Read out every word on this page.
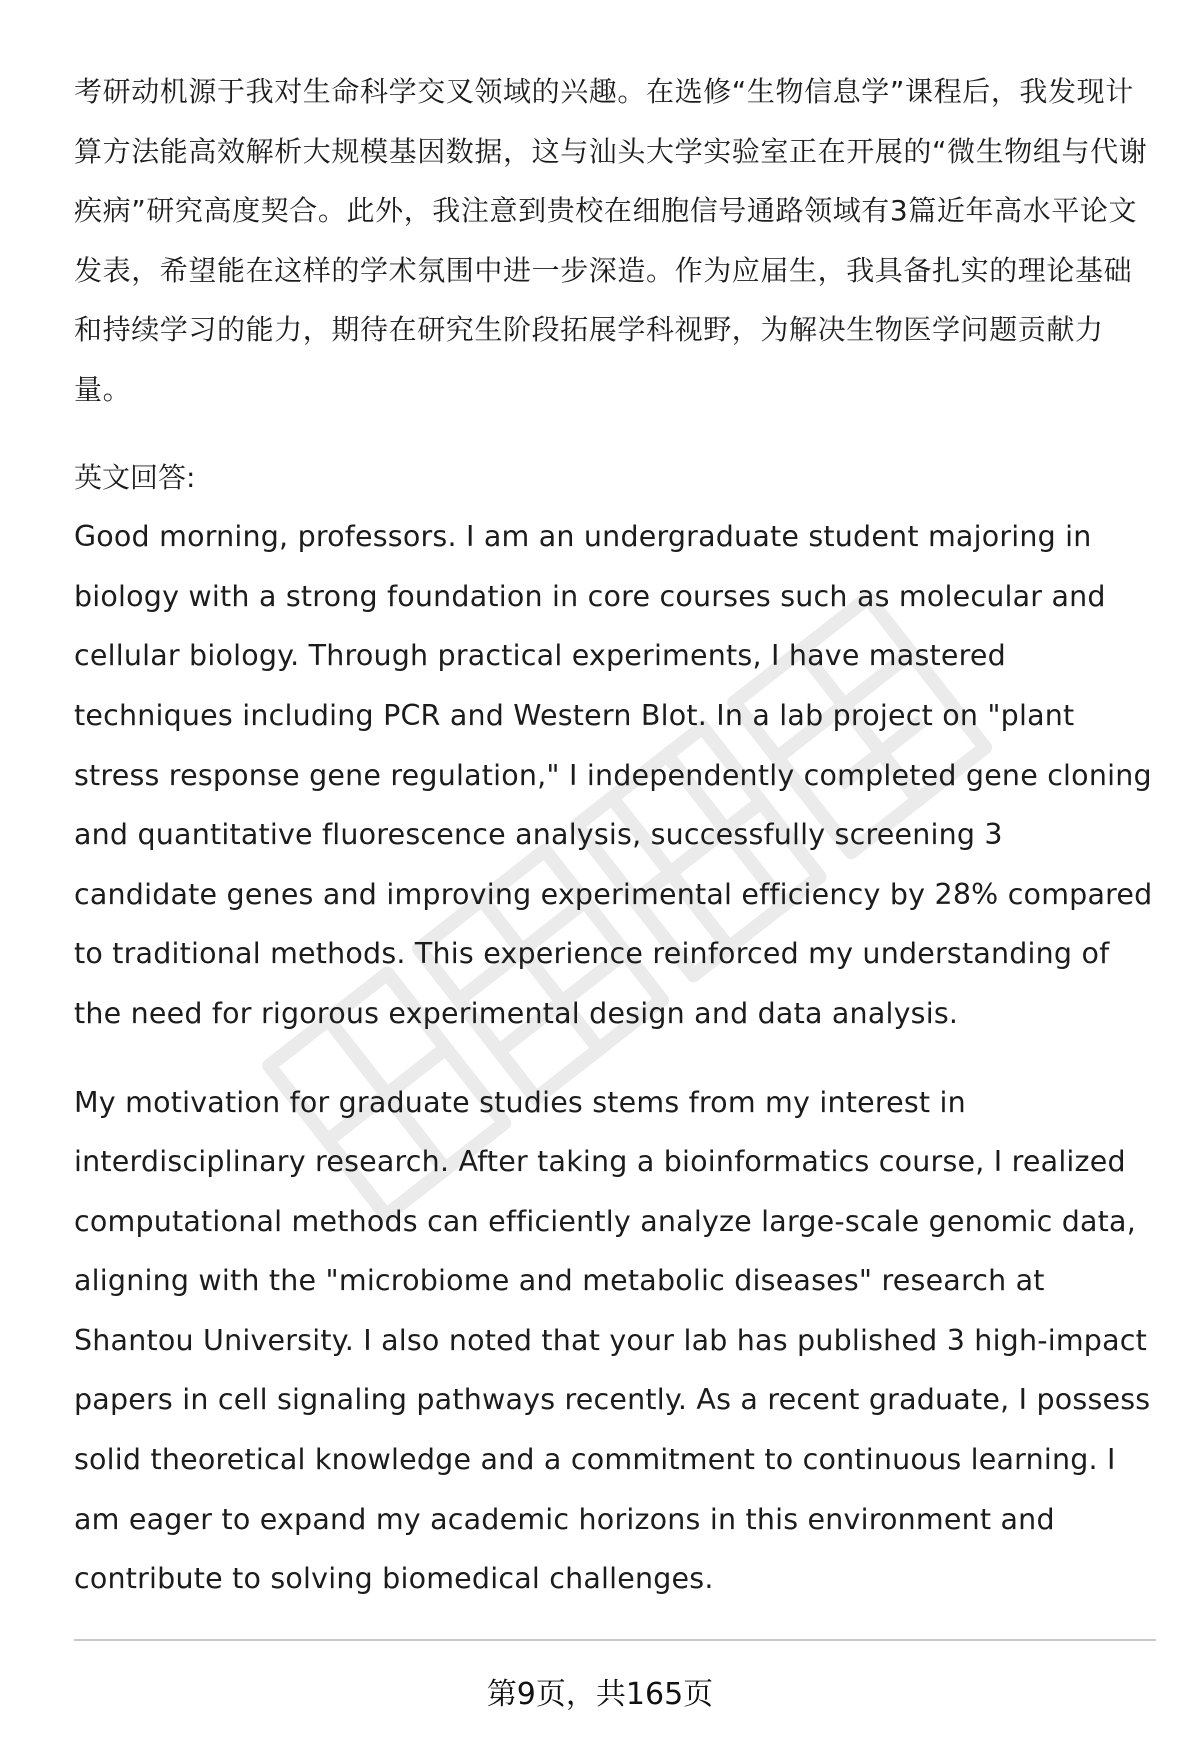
考研动机源于我对生命科学交叉领域的兴趣。在选修“生物信息学”课程后，我发现计算方法能高效解析大规模基因数据，这与汕头大学实验室正在开展的“微生物组与代谢疾病”研究高度契合。此外，我注意到贵校在细胞信号通路领域有3篇近年高水平论文发表，希望能在这样的学术氛围中进一步深造。作为应届生，我具备扎实的理论基础和持续学习的能力，期待在研究生阶段拓展学科视野，为解决生物医学问题贡献力量。

英文回答:

Good morning, professors. I am an undergraduate student majoring in biology with a strong foundation in core courses such as molecular and cellular biology. Through practical experiments, I have mastered techniques including PCR and Western Blot. In a lab project on "plant stress response gene regulation," I independently completed gene cloning and quantitative fluorescence analysis, successfully screening 3 candidate genes and improving experimental efficiency by 28% compared to traditional methods. This experience reinforced my understanding of the need for rigorous experimental design and data analysis.

My motivation for graduate studies stems from my interest in interdisciplinary research. After taking a bioinformatics course, I realized computational methods can efficiently analyze large-scale genomic data, aligning with the "microbiome and metabolic diseases" research at Shantou University. I also noted that your lab has published 3 high-impact papers in cell signaling pathways recently. As a recent graduate, I possess solid theoretical knowledge and a commitment to continuous learning. I am eager to expand my academic horizons in this environment and contribute to solving biomedical challenges.

第9页，共165页
